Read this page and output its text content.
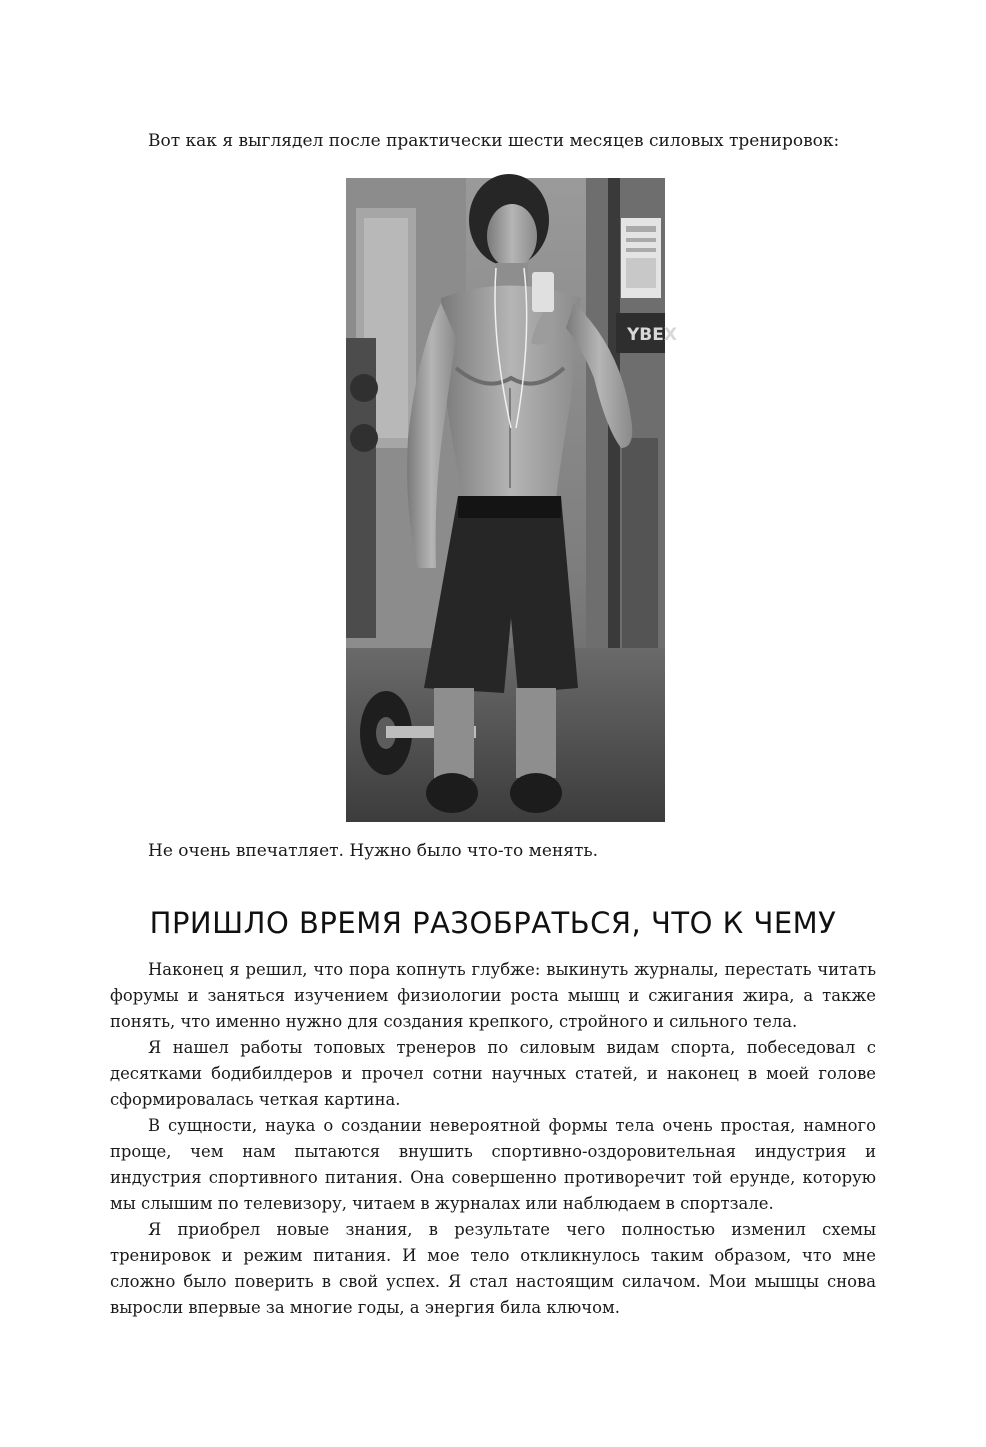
Вот как я выглядел после практически шести месяцев силовых тренировок:

YBEX

Не очень впечатляет. Нужно было что-то менять.

ПРИШЛО ВРЕМЯ РАЗОБРАТЬСЯ, ЧТО К ЧЕМУ

Наконец я решил, что пора копнуть глубже: выкинуть журналы, перестать читать форумы и заняться изучением физиологии роста мышц и сжигания жира, а также понять, что именно нужно для создания крепкого, стройного и сильного тела.

Я нашел работы топовых тренеров по силовым видам спорта, побеседовал с десятками бодибилдеров и прочел сотни научных статей, и наконец в моей голове сформировалась четкая картина.

В сущности, наука о создании невероятной формы тела очень простая, намного проще, чем нам пытаются внушить спортивно-оздоровительная индустрия и индустрия спортивного питания. Она совершенно противоречит той ерунде, которую мы слышим по телевизору, читаем в журналах или наблюдаем в спортзале.

Я приобрел новые знания, в результате чего полностью изменил схемы тренировок и режим питания. И мое тело откликнулось таким образом, что мне сложно было поверить в свой успех. Я стал настоящим силачом. Мои мышцы снова выросли впервые за многие годы, а энергия била ключом.
